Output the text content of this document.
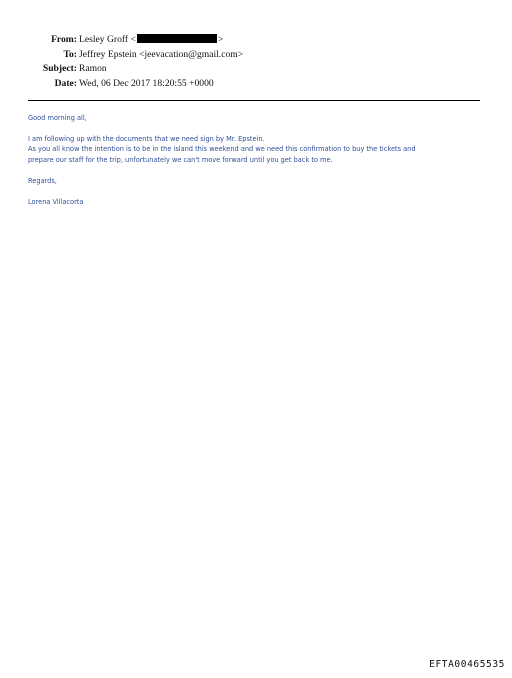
From: Lesley Groff <	>
To: Jeffrey Epstein <jeevacation@gmail.com>
Subject: Ramon
Date: Wed, 06 Dec 2017 18:20:55 +0000

Good morning all,

I am following up with the documents that we need sign by Mr. Epstein.

As you all know the intention is to be in the island this weekend and we need this confirmation to buy the tickets and

prepare our staff for the trip, unfortunately we can't move forward until you get back to me.

Regards,

Lorena Villacorta

EFTA00465535
